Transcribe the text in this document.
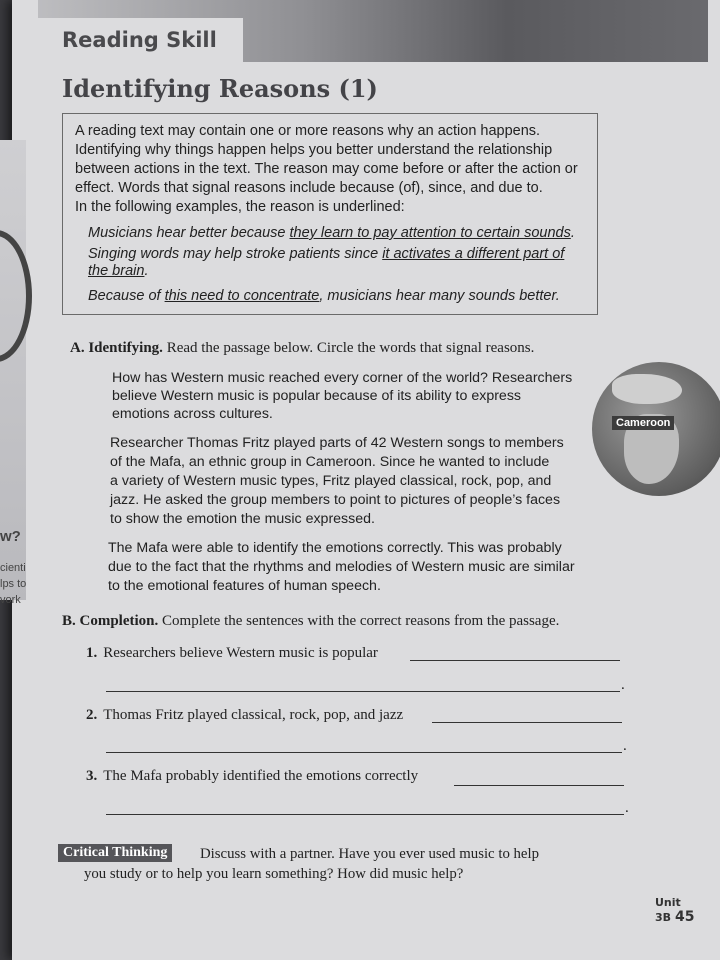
w?
cienti
lps to
vork
Reading Skill
Identifying Reasons (1)
A reading text may contain one or more reasons why an action happens.
Identifying why things happen helps you better understand the relationship
between actions in the text. The reason may come before or after the action or
effect. Words that signal reasons include because (of), since, and due to.
In the following examples, the reason is underlined:
Musicians hear better because they learn to pay attention to certain sounds.
Singing words may help stroke patients since it activates a different part of
the brain.
Because of this need to concentrate, musicians hear many sounds better.
A. Identifying. Read the passage below. Circle the words that signal reasons.
How has Western music reached every corner of the world? Researchers
believe Western music is popular because of its ability to express
emotions across cultures.
Researcher Thomas Fritz played parts of 42 Western songs to members
of the Mafa, an ethnic group in Cameroon. Since he wanted to include
a variety of Western music types, Fritz played classical, rock, pop, and
jazz. He asked the group members to point to pictures of people’s faces
to show the emotion the music expressed.
The Mafa were able to identify the emotions correctly. This was probably
due to the fact that the rhythms and melodies of Western music are similar
to the emotional features of human speech.
Cameroon
B. Completion. Complete the sentences with the correct reasons from the passage.
1. Researchers believe Western music is popular
.
2. Thomas Fritz played classical, rock, pop, and jazz
.
3. The Mafa probably identified the emotions correctly
.
Critical Thinking	Discuss with a partner. Have you ever used music to help
you study or to help you learn something? How did music help?
Unit 3B 45
